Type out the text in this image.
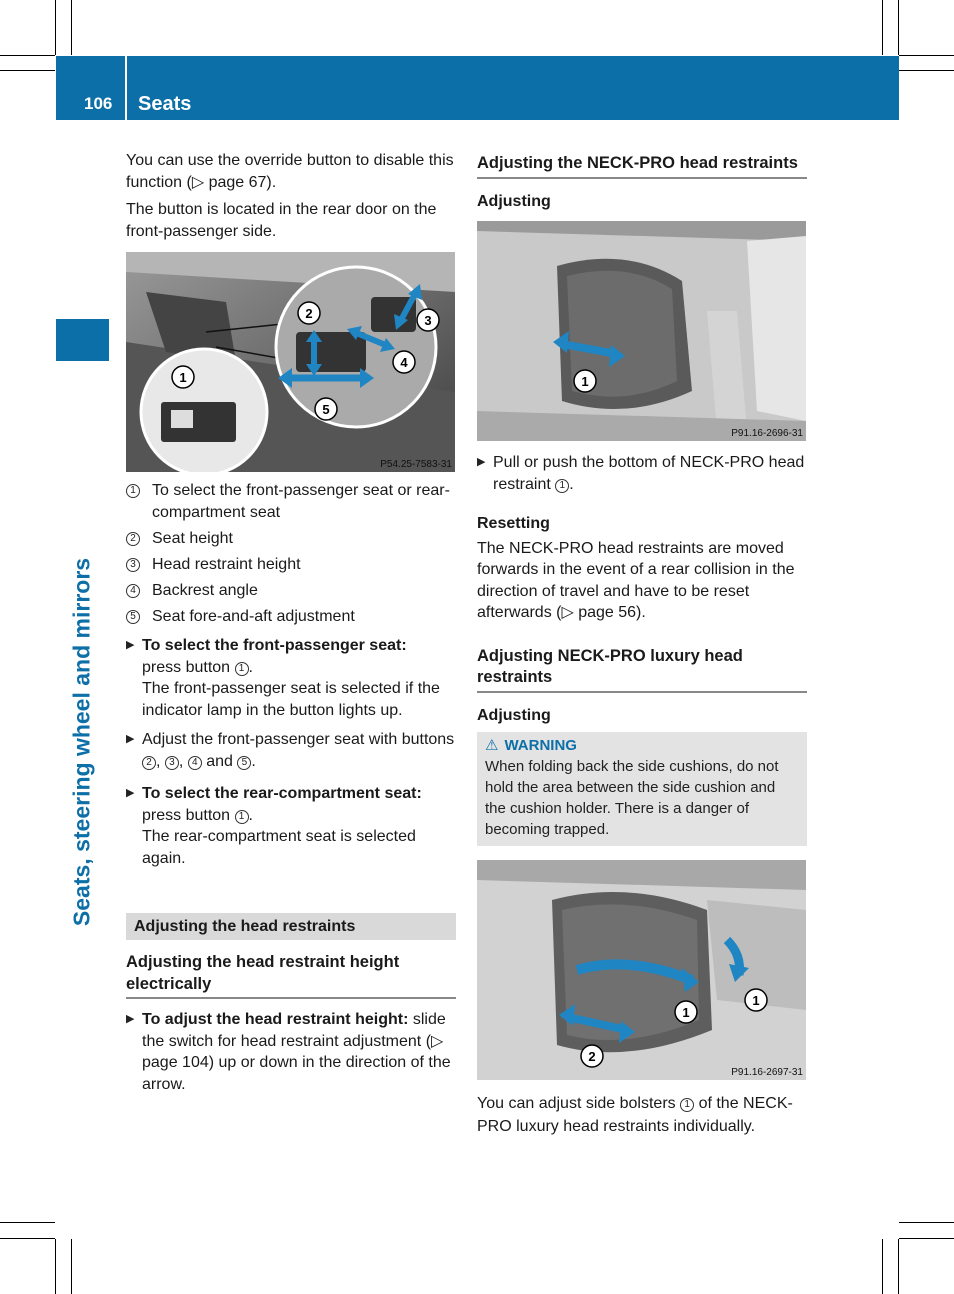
106	Seats
Seats, steering wheel and mirrors

You can use the override button to disable this function (▷ page 67).

The button is located in the rear door on the front-passenger side.

1
2	3
4
5
P54.25-7583-31
1 To select the front-passenger seat or rear-compartment seat
2 Seat height
3 Head restraint height
4 Backrest angle
5 Seat fore-and-aft adjustment
▶ To select the front-passenger seat:
press button 1 .
The front-passenger seat is selected if the indicator lamp in the button lights up.
▶ Adjust the front-passenger seat with buttons 2 , 3 , 4 and 5 .
▶ To select the rear-compartment seat:
press button 1 .
The rear-compartment seat is selected again.
Adjusting the head restraints
Adjusting the head restraint height electrically
▶ To adjust the head restraint height: slide the switch for head restraint adjustment (▷ page 104) up or down in the direction of the arrow.
Adjusting the NECK-PRO head restraints
Adjusting
1
P91.16-2696-31
▶ Pull or push the bottom of NECK-PRO head restraint 1 .
Resetting

The NECK-PRO head restraints are moved forwards in the event of a rear collision in the direction of travel and have to be reset afterwards (▷ page 56).

Adjusting NECK-PRO luxury head restraints
Adjusting
⚠ WARNING
When folding back the side cushions, do not hold the area between the side cushion and the cushion holder. There is a danger of becoming trapped.
1
1
2
P91.16-2697-31

You can adjust side bolsters 1 of the NECK-PRO luxury head restraints individually.
